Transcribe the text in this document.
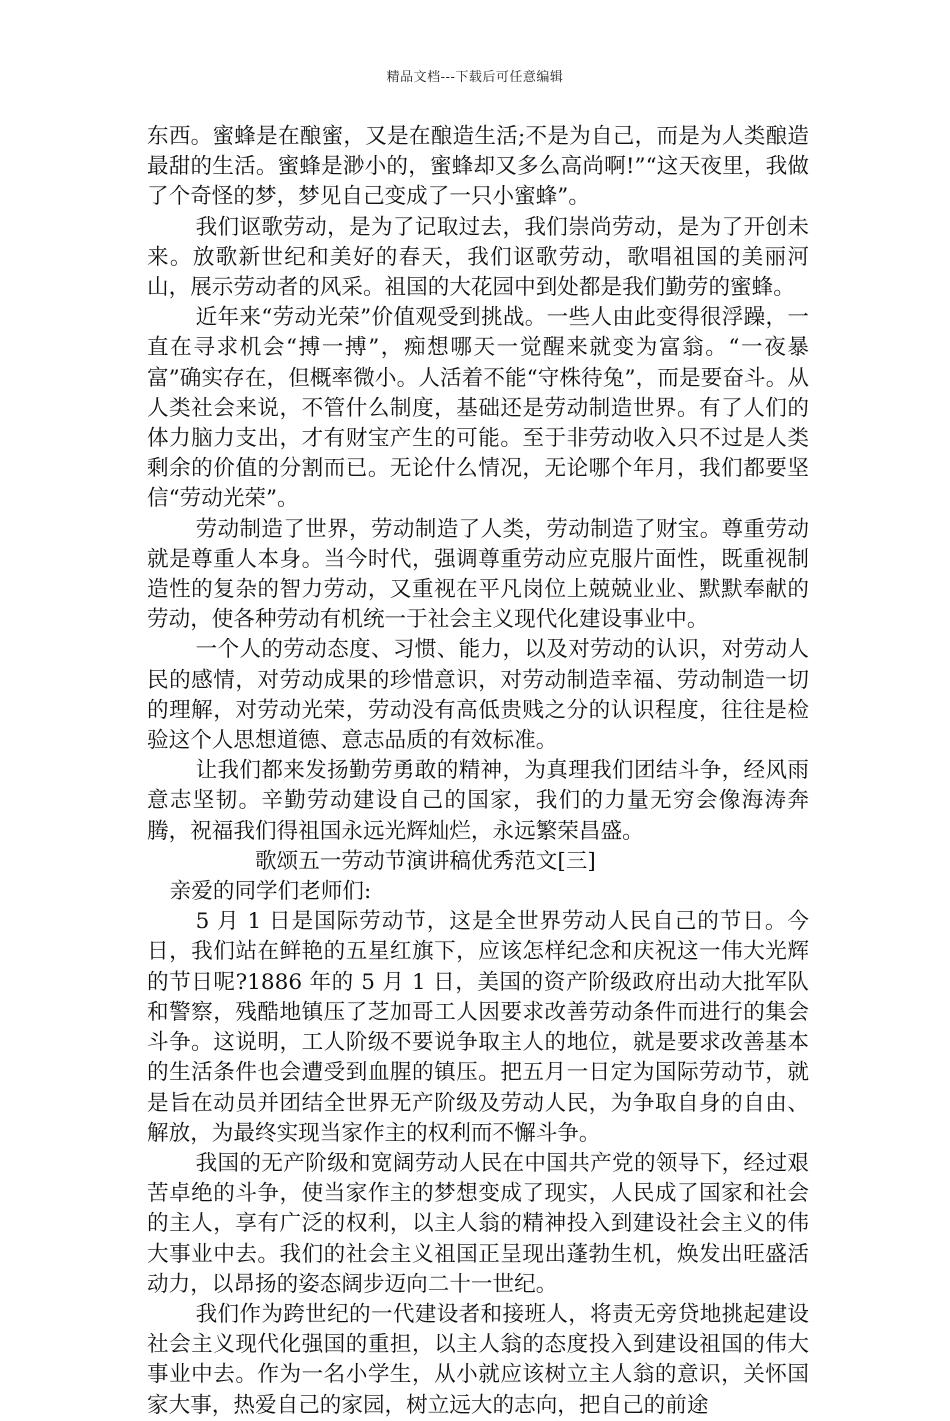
精品文档---下载后可任意编辑

东西。蜜蜂是在酿蜜，又是在酿造生活;不是为自己，而是为人类酿造最甜的生活。蜜蜂是渺小的，蜜蜂却又多么高尚啊!”“这天夜里，我做了个奇怪的梦，梦见自己变成了一只小蜜蜂”。

我们讴歌劳动，是为了记取过去，我们崇尚劳动，是为了开创未来。放歌新世纪和美好的春天，我们讴歌劳动，歌唱祖国的美丽河山，展示劳动者的风采。祖国的大花园中到处都是我们勤劳的蜜蜂。

近年来“劳动光荣”价值观受到挑战。一些人由此变得很浮躁，一直在寻求机会“搏一搏”，痴想哪天一觉醒来就变为富翁。“一夜暴富”确实存在，但概率微小。人活着不能“守株待兔”，而是要奋斗。从人类社会来说，不管什么制度，基础还是劳动制造世界。有了人们的体力脑力支出，才有财宝产生的可能。至于非劳动收入只不过是人类剩余的价值的分割而已。无论什么情况，无论哪个年月，我们都要坚信“劳动光荣”。

劳动制造了世界，劳动制造了人类，劳动制造了财宝。尊重劳动就是尊重人本身。当今时代，强调尊重劳动应克服片面性，既重视制造性的复杂的智力劳动，又重视在平凡岗位上兢兢业业、默默奉献的劳动，使各种劳动有机统一于社会主义现代化建设事业中。

一个人的劳动态度、习惯、能力，以及对劳动的认识，对劳动人民的感情，对劳动成果的珍惜意识，对劳动制造幸福、劳动制造一切的理解，对劳动光荣，劳动没有高低贵贱之分的认识程度，往往是检验这个人思想道德、意志品质的有效标准。

让我们都来发扬勤劳勇敢的精神，为真理我们团结斗争，经风雨意志坚韧。辛勤劳动建设自己的国家，我们的力量无穷会像海涛奔腾，祝福我们得祖国永远光辉灿烂，永远繁荣昌盛。

歌颂五一劳动节演讲稿优秀范文[三]

亲爱的同学们老师们:

5 月 1 日是国际劳动节，这是全世界劳动人民自己的节日。今日，我们站在鲜艳的五星红旗下，应该怎样纪念和庆祝这一伟大光辉的节日呢?1886 年的 5 月 1 日，美国的资产阶级政府出动大批军队和警察，残酷地镇压了芝加哥工人因要求改善劳动条件而进行的集会斗争。这说明，工人阶级不要说争取主人的地位，就是要求改善基本的生活条件也会遭受到血腥的镇压。把五月一日定为国际劳动节，就是旨在动员并团结全世界无产阶级及劳动人民，为争取自身的自由、解放，为最终实现当家作主的权利而不懈斗争。

我国的无产阶级和宽阔劳动人民在中国共产党的领导下，经过艰苦卓绝的斗争，使当家作主的梦想变成了现实，人民成了国家和社会的主人，享有广泛的权利，以主人翁的精神投入到建设社会主义的伟大事业中去。我们的社会主义祖国正呈现出蓬勃生机，焕发出旺盛活动力，以昂扬的姿态阔步迈向二十一世纪。

我们作为跨世纪的一代建设者和接班人，将责无旁贷地挑起建设社会主义现代化强国的重担，以主人翁的态度投入到建设祖国的伟大事业中去。作为一名小学生，从小就应该树立主人翁的意识，关怀国家大事，热爱自己的家园，树立远大的志向，把自己的前途
